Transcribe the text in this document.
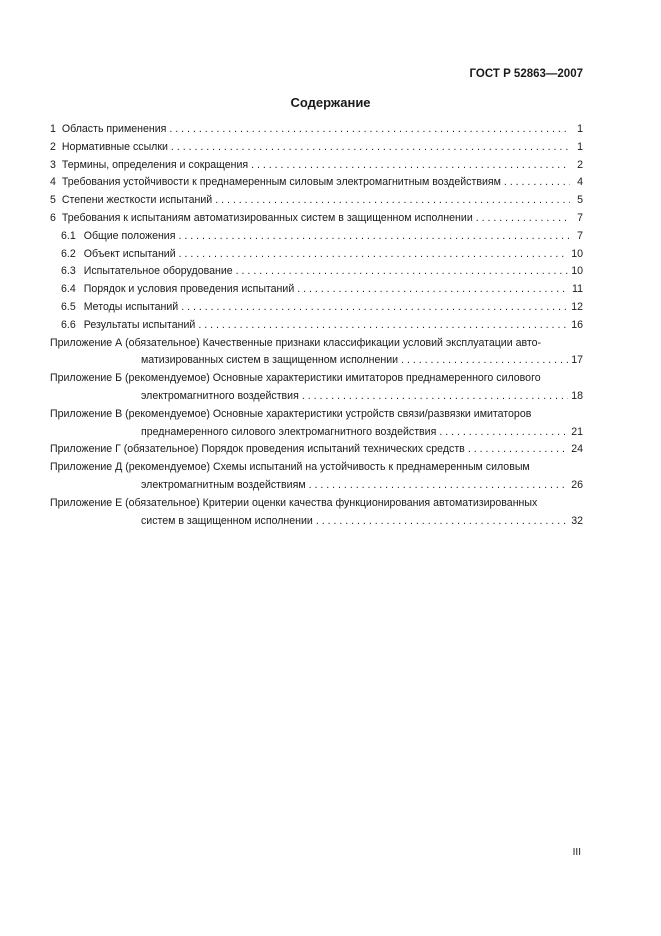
ГОСТ Р 52863—2007
Содержание
1 Область применения . . .	1
2 Нормативные ссылки . . .	1
3 Термины, определения и сокращения . . .	2
4 Требования устойчивости к преднамеренным силовым электромагнитным воздействиям . . .	4
5 Степени жесткости испытаний . . .	5
6 Требования к испытаниям автоматизированных систем в защищенном исполнении . . .	7
6.1 Общие положения . . .	7
6.2 Объект испытаний . . .	10
6.3 Испытательное оборудование . . .	10
6.4 Порядок и условия проведения испытаний . . .	11
6.5 Методы испытаний . . .	12
6.6 Результаты испытаний . . .	16
Приложение А (обязательное) Качественные признаки классификации условий эксплуатации авто-
матизированных систем в защищенном исполнении . . .	17
Приложение Б (рекомендуемое) Основные характеристики имитаторов преднамеренного силового
электромагнитного воздействия . . .	18
Приложение В (рекомендуемое) Основные характеристики устройств связи/развязки имитаторов
преднамеренного силового электромагнитного воздействия . . .	21
Приложение Г (обязательное) Порядок проведения испытаний технических средств . . .	24
Приложение Д (рекомендуемое) Схемы испытаний на устойчивость к преднамеренным силовым
электромагнитным воздействиям . . .	26
Приложение Е (обязательное) Критерии оценки качества функционирования автоматизированных
систем в защищенном исполнении . . .	32
III
